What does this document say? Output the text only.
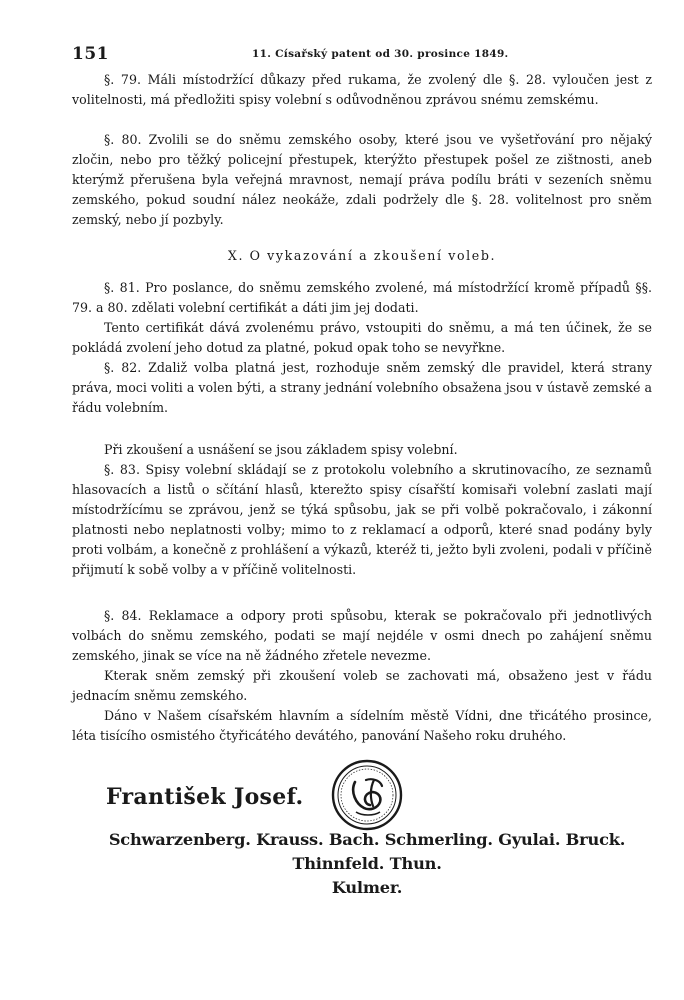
151	11. Císařský patent od 30. prosince 1849.

§. 79. Máli místodržící důkazy před rukama, že zvolený dle §. 28. vyloučen jest z volitelnosti, má předložiti spisy volební s odůvodněnou zprávou snému zemskému.

§. 80. Zvolili se do sněmu zemského osoby, které jsou ve vyšetřování pro nějaký zločin, nebo pro těžký policejní přestupek, kterýžto přestupek pošel ze zištnosti, aneb kterýmž přerušena byla veřejná mravnost, nemají práva podílu bráti v sezeních sněmu zemského, pokud soudní nález neokáže, zdali podržely dle §. 28. volitelnost pro sněm zemský, nebo jí pozbyly.

X. O vykazování a zkoušení voleb.

§. 81. Pro poslance, do sněmu zemského zvolené, má místodržící kromě případů §§. 79. a 80. zdělati volební certifikát a dáti jim jej dodati.

Tento certifikát dává zvolenému právo, vstoupiti do sněmu, a má ten účinek, že se pokládá zvolení jeho dotud za platné, pokud opak toho se nevyřkne.

§. 82. Zdaliž volba platná jest, rozhoduje sněm zemský dle pravidel, která strany práva, moci voliti a volen býti, a strany jednání volebního obsažena jsou v ústavě zemské a řádu volebním.

Při zkoušení a usnášení se jsou základem spisy volební.

§. 83. Spisy volební skládají se z protokolu volebního a skrutinovacího, ze seznamů hlasovacích a listů o sčítání hlasů, kterežto spisy císařští komisaři volební zaslati mají místodržícímu se zprávou, jenž se týká spůsobu, jak se při volbě pokračovalo, i zákonní platnosti nebo neplatnosti volby; mimo to z reklamací a odporů, které snad podány byly proti volbám, a konečně z prohlášení a výkazů, kteréž ti, ježto byli zvoleni, podali v příčině přijmutí k sobě volby a v příčině volitelnosti.

§. 84. Reklamace a odpory proti spůsobu, kterak se pokračovalo při jednotlivých volbách do sněmu zemského, podati se mají nejdéle v osmi dnech po zahájení sněmu zemského, jinak se více na ně žádného zřetele nevezme.

Kterak sněm zemský při zkoušení voleb se zachovati má, obsaženo jest v řádu jednacím sněmu zemského.

Dáno v Našem císařském hlavním a sídelním městě Vídni, dne třicátého prosince, léta tisícího osmistého čtyřicátého devátého, panování Našeho roku druhého.

František Josef.
Schwarzenberg. Krauss. Bach. Schmerling. Gyulai. Bruck. Thinnfeld. Thun.
Kulmer.
